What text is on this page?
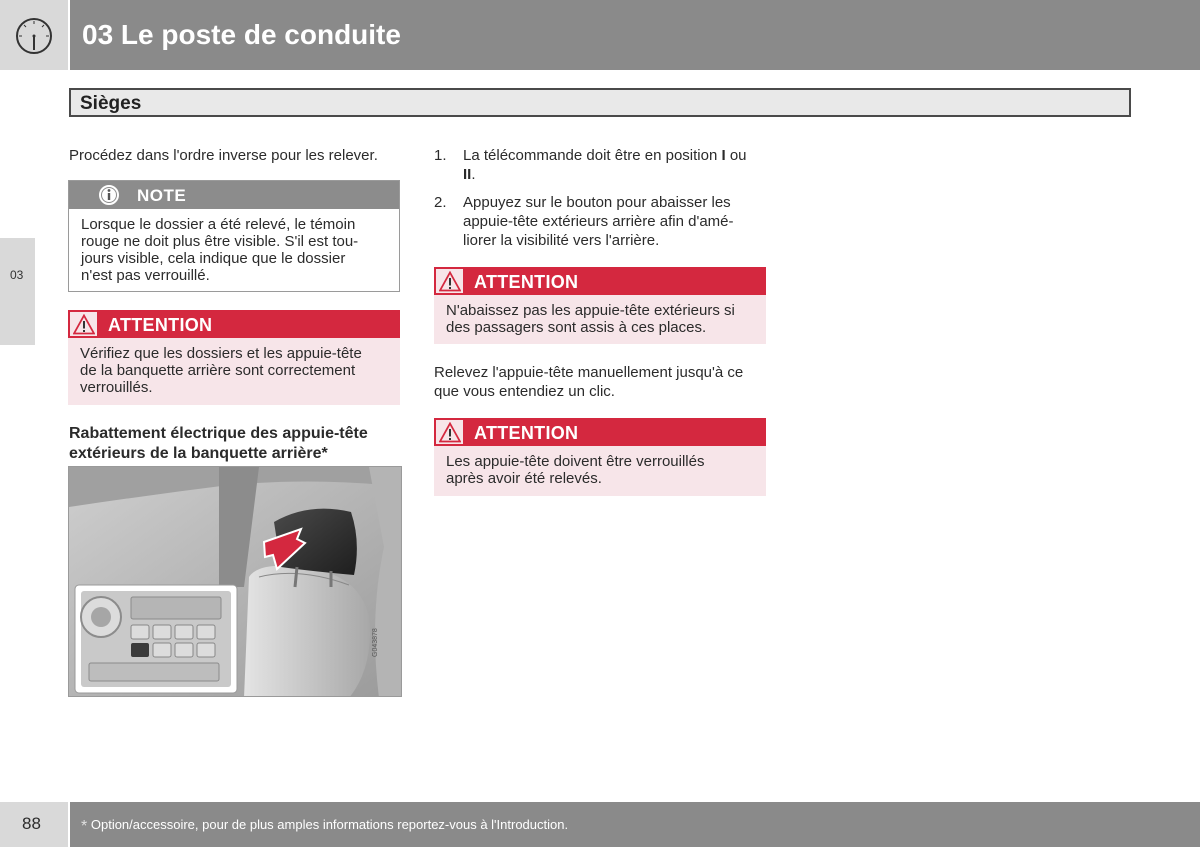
03 Le poste de conduite
Sièges
03
Procédez dans l'ordre inverse pour les relever.
NOTE
Lorsque le dossier a été relevé, le témoin
rouge ne doit plus être visible. S'il est tou-
jours visible, cela indique que le dossier
n'est pas verrouillé.
ATTENTION
Vérifiez que les dossiers et les appuie-tête
de la banquette arrière sont correctement
verrouillés.
Rabattement électrique des appuie-tête
extérieurs de la banquette arrière*
G043878
1. La télécommande doit être en position I ou
II.
2. Appuyez sur le bouton pour abaisser les
appuie-tête extérieurs arrière afin d'amé-
liorer la visibilité vers l'arrière.
ATTENTION
N'abaissez pas les appuie-tête extérieurs si
des passagers sont assis à ces places.
Relevez l'appuie-tête manuellement jusqu'à ce
que vous entendiez un clic.
ATTENTION
Les appuie-tête doivent être verrouillés
après avoir été relevés.
88	* Option/accessoire, pour de plus amples informations reportez-vous à l'Introduction.
